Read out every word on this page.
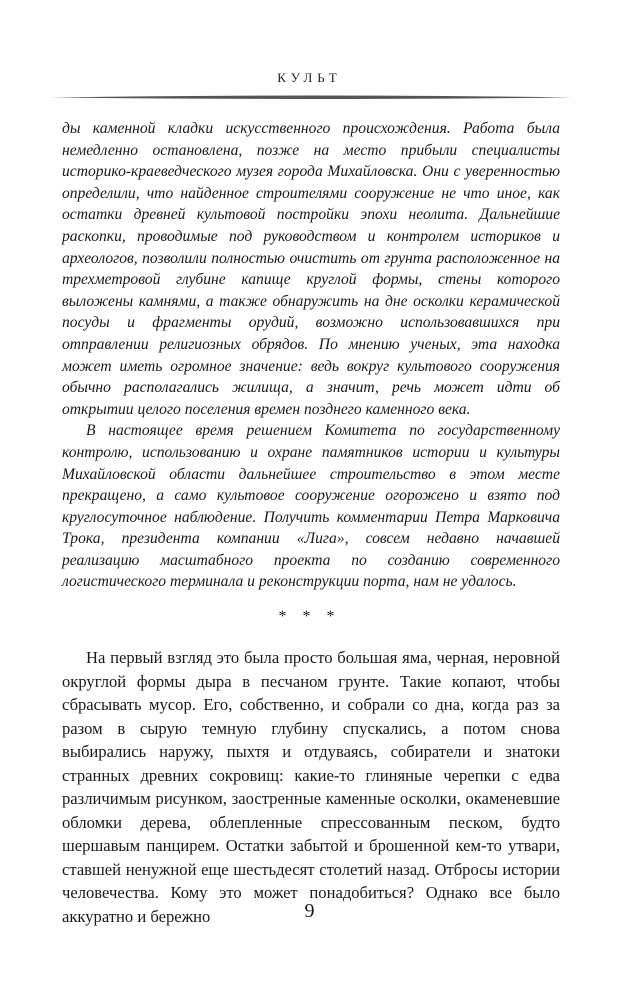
КУЛЬТ

ды каменной кладки искусственного происхождения. Работа была немедленно остановлена, позже на место прибыли специалисты историко-краеведческого музея города Михайловска. Они с уверенностью определили, что найденное строителями сооружение не что иное, как остатки древней культовой постройки эпохи неолита. Дальнейшие раскопки, проводимые под руководством и контролем историков и археологов, позволили полностью очистить от грунта расположенное на трехметровой глубине капище круглой формы, стены которого выложены камнями, а также обнаружить на дне осколки керамической посуды и фрагменты орудий, возможно использовавшихся при отправлении религиозных обрядов. По мнению ученых, эта находка может иметь огромное значение: ведь вокруг культового сооружения обычно располагались жилища, а значит, речь может идти об открытии целого поселения времен позднего каменного века.

В настоящее время решением Комитета по государственному контролю, использованию и охране памятников истории и культуры Михайловской области дальнейшее строительство в этом месте прекращено, а само культовое сооружение огорожено и взято под круглосуточное наблюдение. Получить комментарии Петра Марковича Трока, президента компании «Лига», совсем недавно начавшей реализацию масштабного проекта по созданию современного логистического терминала и реконструкции порта, нам не удалось.

* * *

На первый взгляд это была просто большая яма, черная, неровной округлой формы дыра в песчаном грунте. Такие копают, чтобы сбрасывать мусор. Его, собственно, и собрали со дна, когда раз за разом в сырую темную глубину спускались, а потом снова выбирались наружу, пыхтя и отдуваясь, собиратели и знатоки странных древних сокровищ: какие-то глиняные черепки с едва различимым рисунком, заостренные каменные осколки, окаменевшие обломки дерева, облепленные спрессованным песком, будто шершавым панцирем. Остатки забытой и брошенной кем-то утвари, ставшей ненужной еще шестьдесят столетий назад. Отбросы истории человечества. Кому это может понадобиться? Однако все было аккуратно и бережно	9
